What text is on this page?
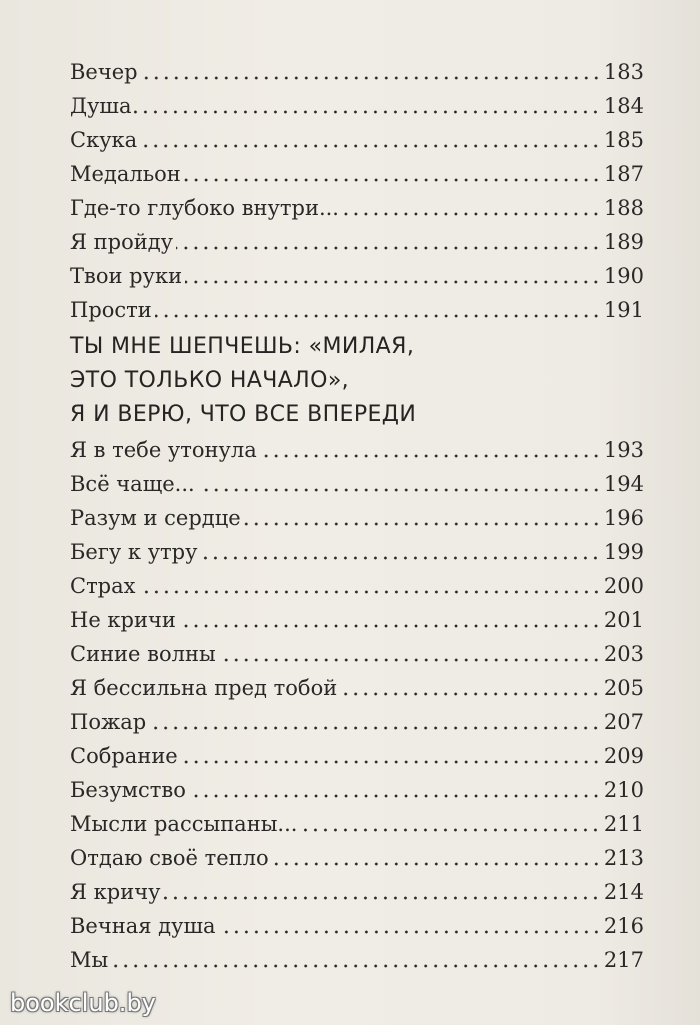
Вечер	183
Душа	184
Скука	185
Медальон	187
Где-то глубоко внутри...	188
Я пройду	189
Твои руки	190
Прости	191
ТЫ МНЕ ШЕПЧЕШЬ: «МИЛАЯ,
ЭТО ТОЛЬКО НАЧАЛО»,
Я И ВЕРЮ, ЧТО ВСЕ ВПЕРЕДИ
Я в тебе утонула	193
Всё чаще...	194
Разум и сердце	196
Бегу к утру	199
Страх	200
Не кричи	201
Синие волны	203
Я бессильна пред тобой	205
Пожар	207
Собрание	209
Безумство	210
Мысли рассыпаны...	211
Отдаю своё тепло	213
Я кричу	214
Вечная душа	216
Мы	217
bookclub.by
